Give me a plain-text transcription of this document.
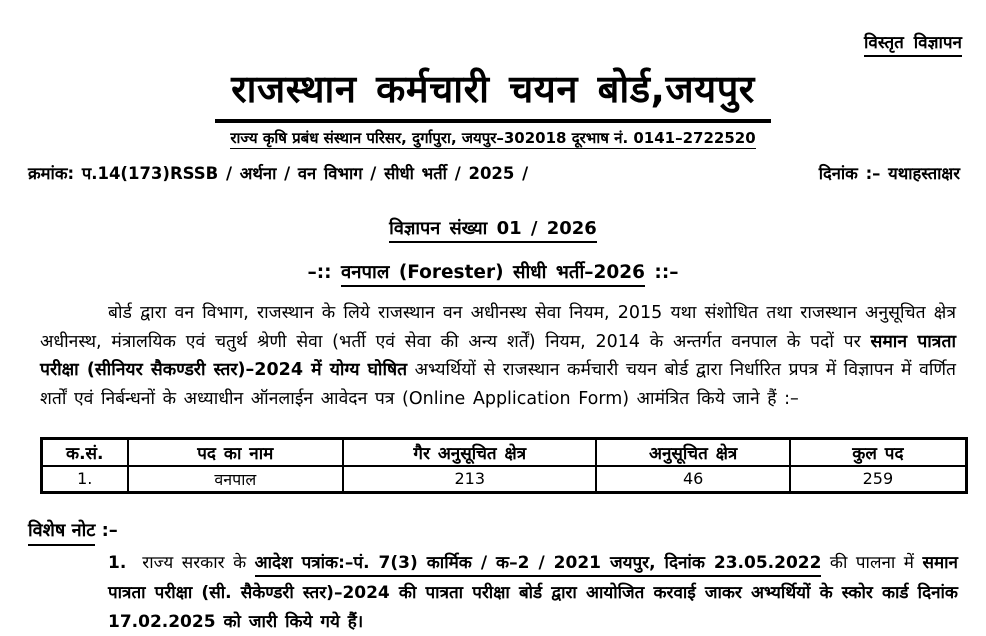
विस्तृत विज्ञापन
राजस्थान कर्मचारी चयन बोर्ड,जयपुर
राज्य कृषि प्रबंध संस्थान परिसर, दुर्गापुरा, जयपुर–302018 दूरभाष नं. 0141–2722520
क्रमांक: प.14(173)RSSB / अर्थना / वन विभाग / सीधी भर्ती / 2025 /	दिनांक :– यथाहस्ताक्षर
विज्ञापन संख्या 01 / 2026
–:: वनपाल (Forester) सीधी भर्ती–2026 ::–

बोर्ड द्वारा वन विभाग, राजस्थान के लिये राजस्थान वन अधीनस्थ सेवा नियम, 2015 यथा संशोधित तथा राजस्थान अनुसूचित क्षेत्र अधीनस्थ, मंत्रालयिक एवं चतुर्थ श्रेणी सेवा (भर्ती एवं सेवा की अन्य शर्तें) नियम, 2014 के अन्तर्गत वनपाल के पदों पर समान पात्रता परीक्षा (सीनियर सैकण्डरी स्तर)–2024 में योग्य घोषित अभ्यर्थियों से राजस्थान कर्मचारी चयन बोर्ड द्वारा निर्धारित प्रपत्र में विज्ञापन में वर्णित शर्तों एवं निर्बन्धनों के अध्याधीन ऑनलाईन आवेदन पत्र (Online Application Form) आमंत्रित किये जाने हैं :–

क.सं.	पद का नाम	गैर अनुसूचित क्षेत्र	अनुसूचित क्षेत्र	कुल पद
1.	वनपाल	213	46	259
विशेष नोट :–
1. राज्य सरकार के आदेश पत्रांक:–पं. 7(3) कार्मिक / क–2 / 2021 जयपुर, दिनांक 23.05.2022 की पालना में समान पात्रता परीक्षा (सी. सैकेण्डरी स्तर)–2024 की पात्रता परीक्षा बोर्ड द्वारा आयोजित करवाई जाकर अभ्यर्थियों के स्कोर कार्ड दिनांक 17.02.2025 को जारी किये गये हैं।
